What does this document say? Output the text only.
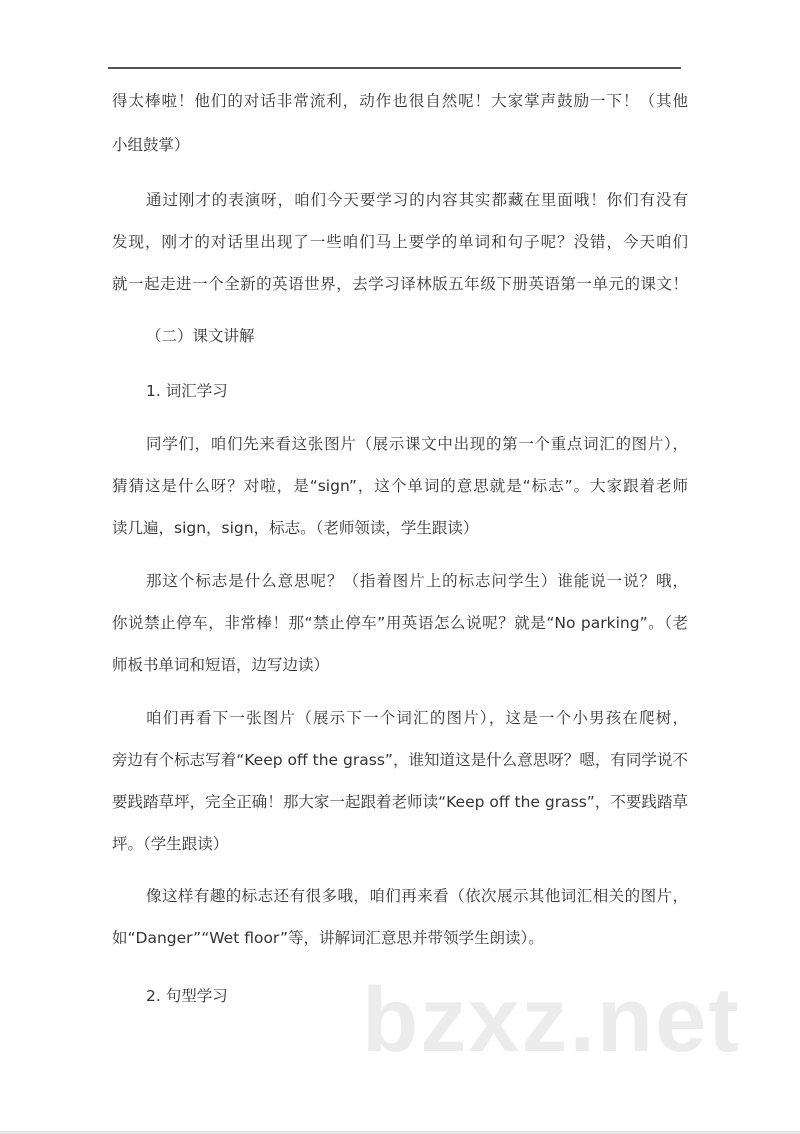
得太棒啦！他们的对话非常流利，动作也很自然呢！大家掌声鼓励一下！（其他
小组鼓掌）
通过刚才的表演呀，咱们今天要学习的内容其实都藏在里面哦！你们有没有
发现，刚才的对话里出现了一些咱们马上要学的单词和句子呢？没错，今天咱们
就一起走进一个全新的英语世界，去学习译林版五年级下册英语第一单元的课文！
（二）课文讲解
1. 词汇学习
同学们，咱们先来看这张图片（展示课文中出现的第一个重点词汇的图片），
猜猜这是什么呀？对啦，是“sign”，这个单词的意思就是“标志”。大家跟着老师
读几遍，sign，sign，标志。（老师领读，学生跟读）
那这个标志是什么意思呢？（指着图片上的标志问学生）谁能说一说？哦，
你说禁止停车，非常棒！那“禁止停车”用英语怎么说呢？就是“No parking”。（老
师板书单词和短语，边写边读）
咱们再看下一张图片（展示下一个词汇的图片），这是一个小男孩在爬树，
旁边有个标志写着“Keep off the grass”，谁知道这是什么意思呀？嗯，有同学说不
要践踏草坪，完全正确！那大家一起跟着老师读“Keep off the grass”，不要践踏草
坪。（学生跟读）
像这样有趣的标志还有很多哦，咱们再来看（依次展示其他词汇相关的图片，
如“Danger”“Wet floor”等，讲解词汇意思并带领学生朗读）。
2. 句型学习	bzxz.net
